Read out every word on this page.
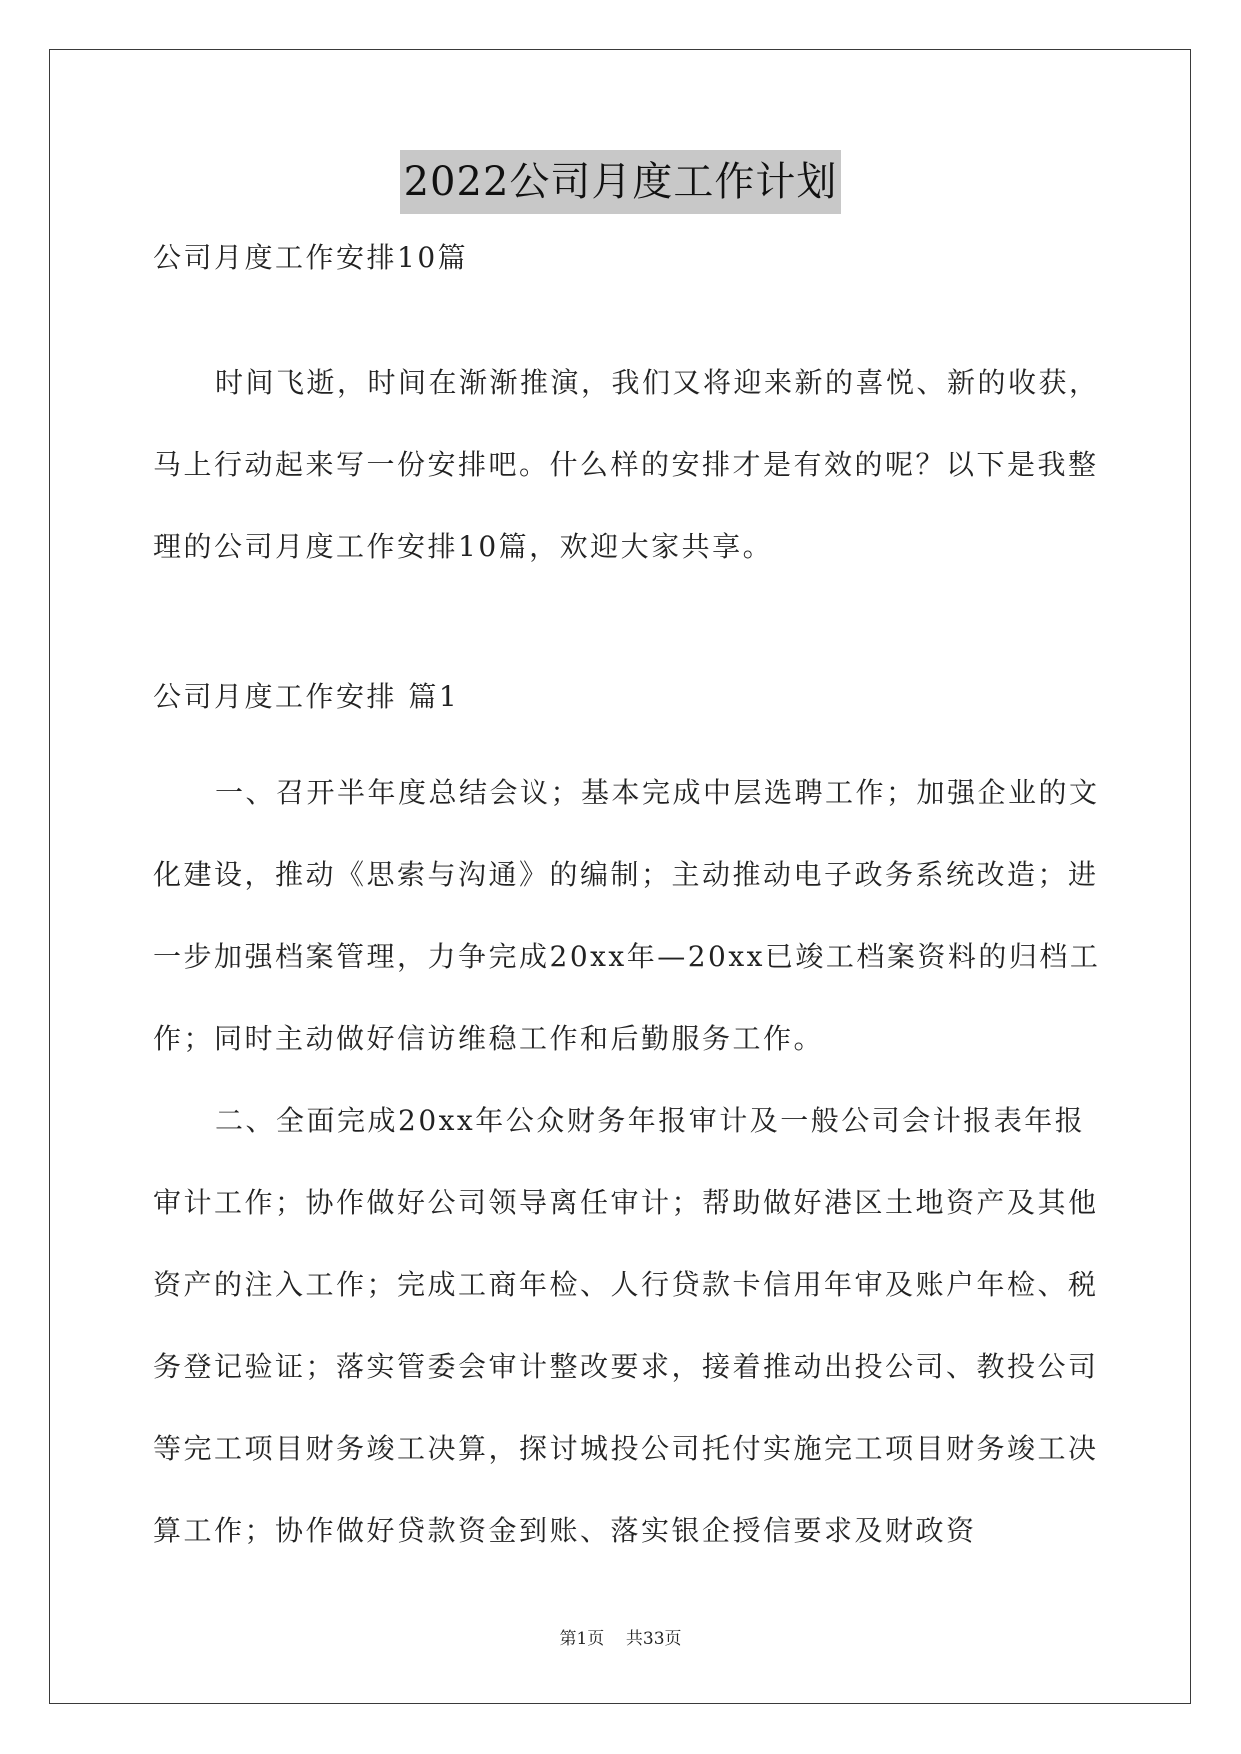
2022公司月度工作计划
公司月度工作安排10篇
时间飞逝，时间在渐渐推演，我们又将迎来新的喜悦、新的收获，马上行动起来写一份安排吧。什么样的安排才是有效的呢？以下是我整理的公司月度工作安排10篇，欢迎大家共享。
公司月度工作安排 篇1
一、召开半年度总结会议；基本完成中层选聘工作；加强企业的文化建设，推动《思索与沟通》的编制；主动推动电子政务系统改造；进一步加强档案管理，力争完成20xx年—20xx已竣工档案资料的归档工作；同时主动做好信访维稳工作和后勤服务工作。
二、全面完成20xx年公众财务年报审计及一般公司会计报表年报审计工作；协作做好公司领导离任审计；帮助做好港区土地资产及其他资产的注入工作；完成工商年检、人行贷款卡信用年审及账户年检、税务登记验证；落实管委会审计整改要求，接着推动出投公司、教投公司等完工项目财务竣工决算，探讨城投公司托付实施完工项目财务竣工决算工作；协作做好贷款资金到账、落实银企授信要求及财政资
第1页 共33页
